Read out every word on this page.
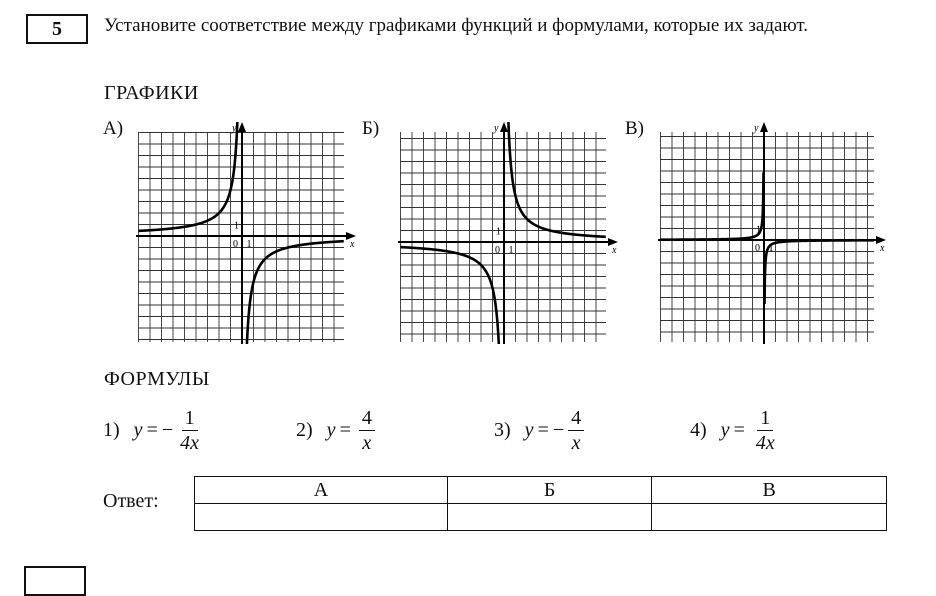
5 Установите соответствие между графиками функций и формулами, которые их задают.
ГРАФИКИ
А)
0 1
1
x
y	Б)
0 1
1
x
y	В)
0 1
1
x
y
ФОРМУЛЫ
1) y = − $\frac{1}{4x}$	2) $y = \frac{4}{x}$	3) y = − $\frac{4}{x}$	4) $y = \frac{1}{4x}$
Ответ:
А	Б	В
